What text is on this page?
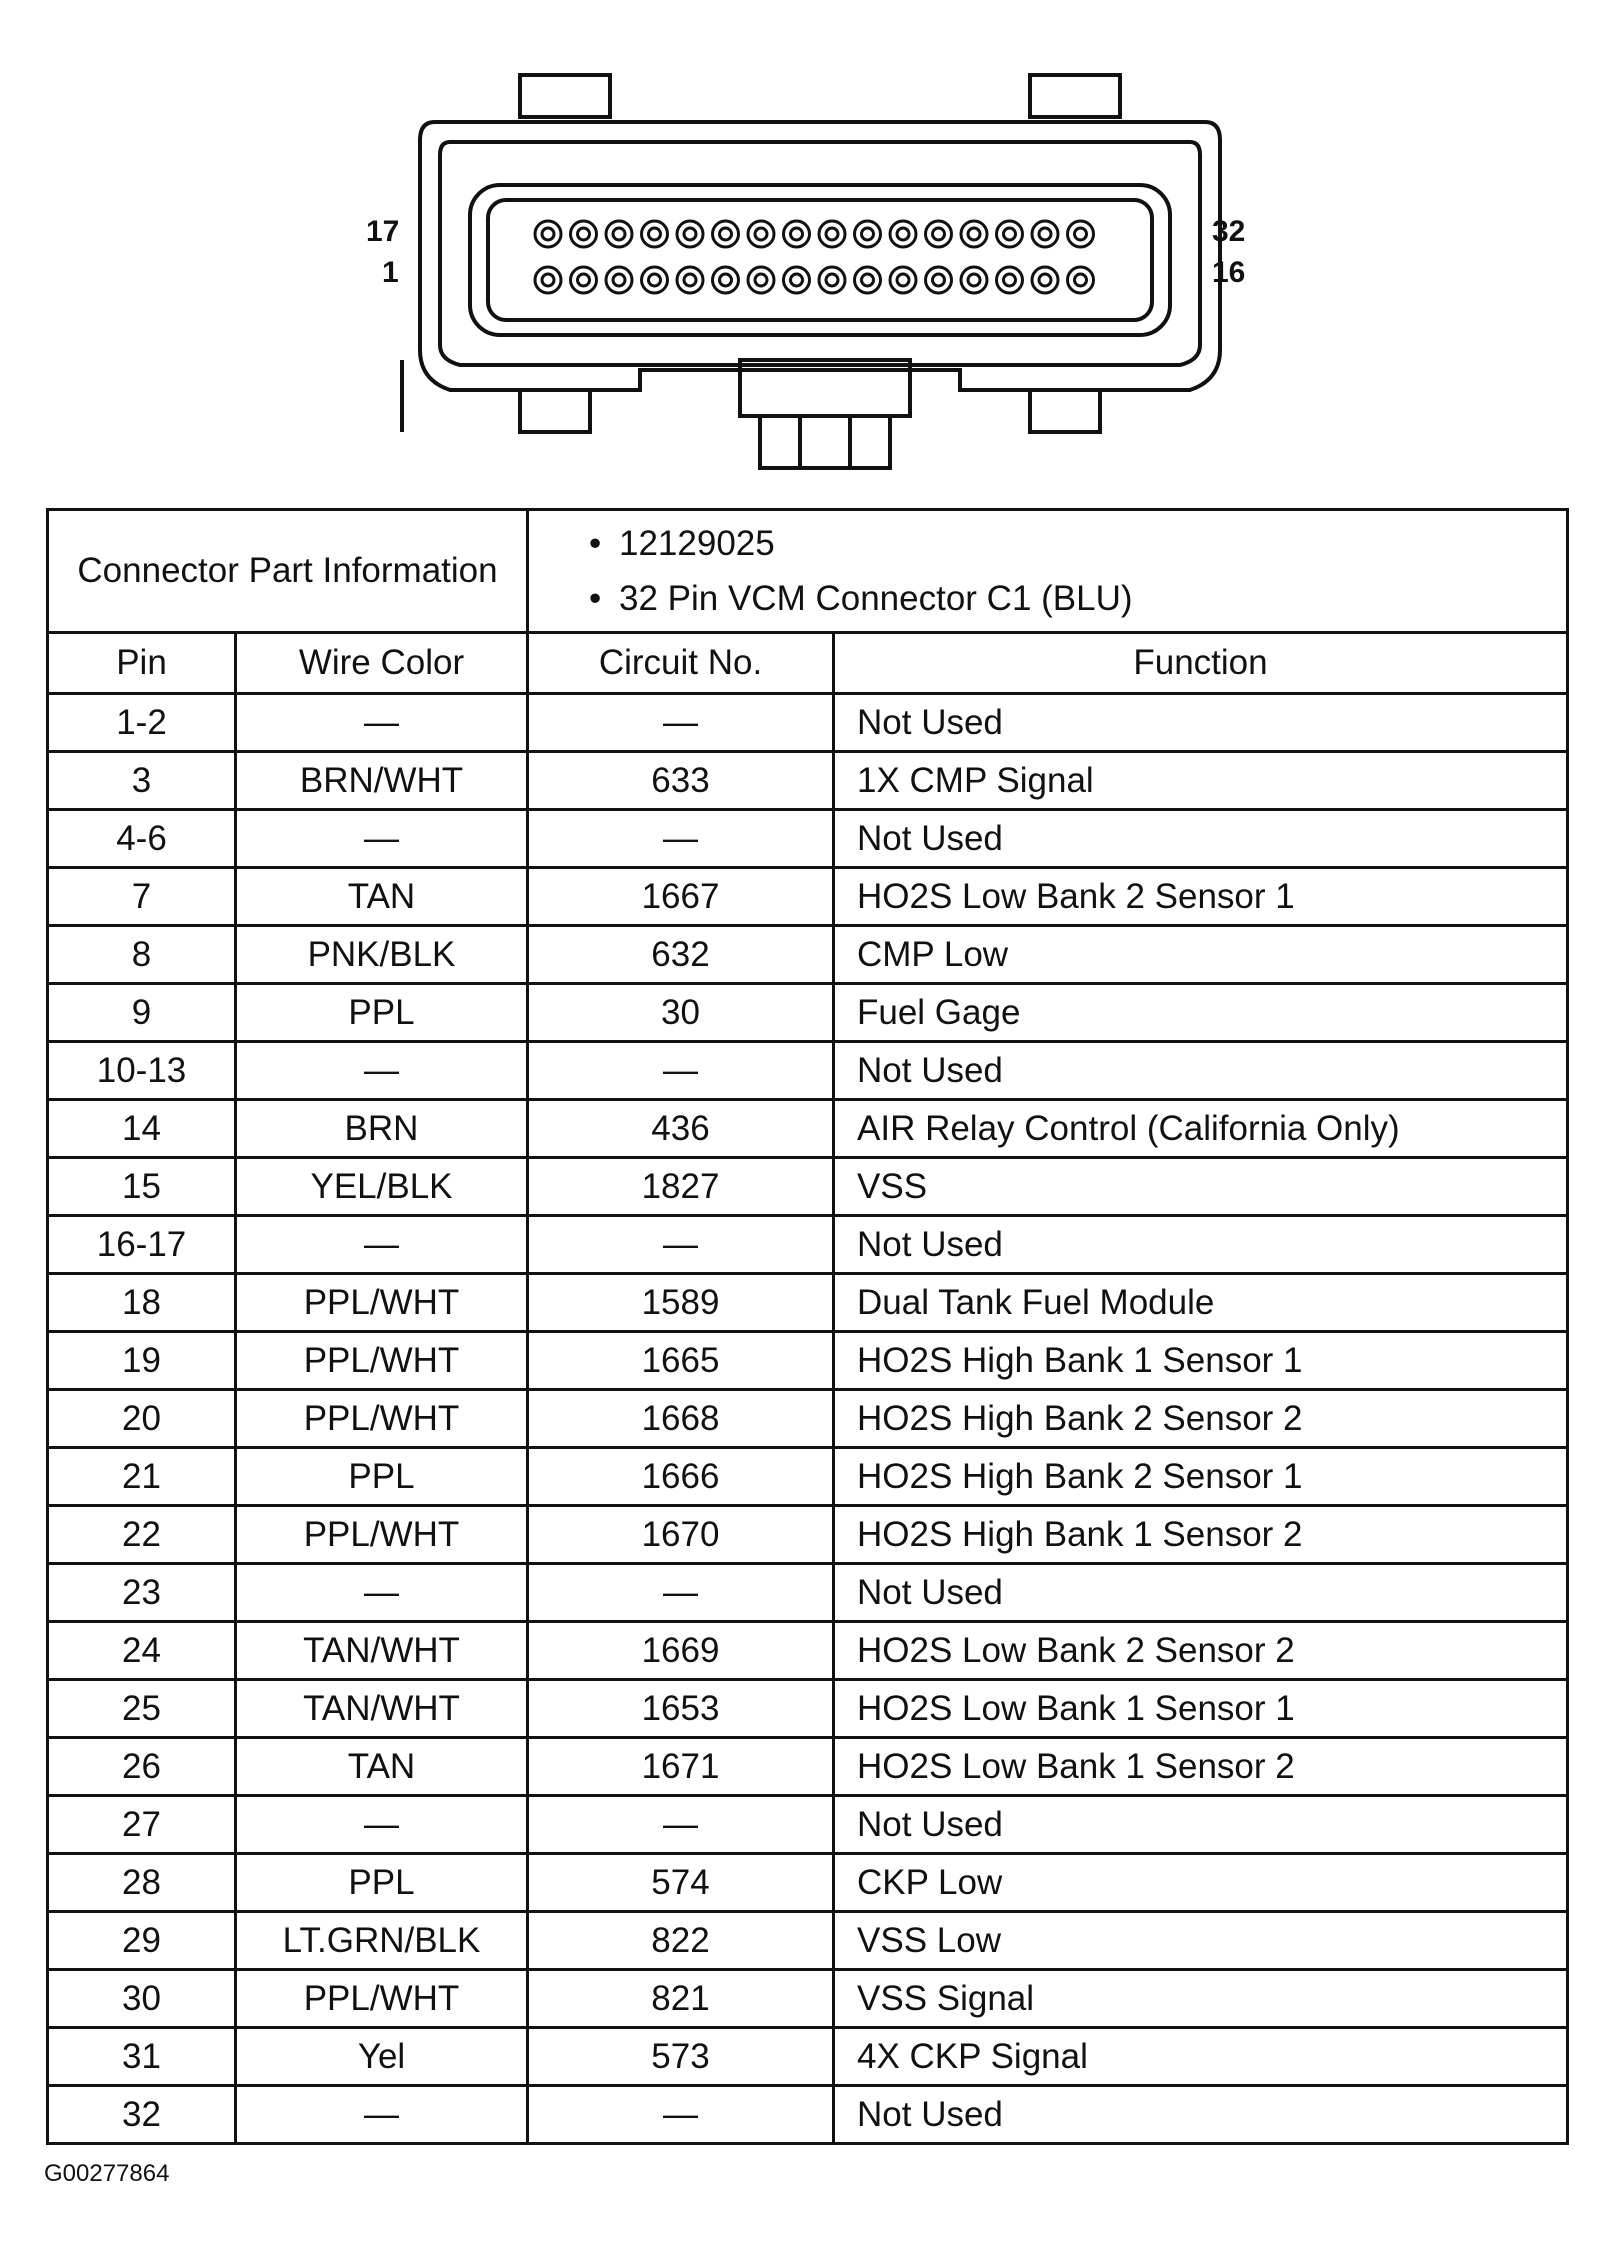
17
1
32
16
Connector Part Information		• 12129025
• 32 Pin VCM Connector C1 (BLU)	

Pin	Wire Color	Circuit No.	Function
1-2	—	—	Not Used
3	BRN/WHT	633	1X CMP Signal
4-6	—	—	Not Used
7	TAN	1667	HO2S Low Bank 2 Sensor 1
8	PNK/BLK	632	CMP Low
9	PPL	30	Fuel Gage
10-13	—	—	Not Used
14	BRN	436	AIR Relay Control (California Only)
15	YEL/BLK	1827	VSS
16-17	—	—	Not Used
18	PPL/WHT	1589	Dual Tank Fuel Module
19	PPL/WHT	1665	HO2S High Bank 1 Sensor 1
20	PPL/WHT	1668	HO2S High Bank 2 Sensor 2
21	PPL	1666	HO2S High Bank 2 Sensor 1
22	PPL/WHT	1670	HO2S High Bank 1 Sensor 2
23	—	—	Not Used
24	TAN/WHT	1669	HO2S Low Bank 2 Sensor 2
25	TAN/WHT	1653	HO2S Low Bank 1 Sensor 1
26	TAN	1671	HO2S Low Bank 1 Sensor 2
27	—	—	Not Used
28	PPL	574	CKP Low
29	LT.GRN/BLK	822	VSS Low
30	PPL/WHT	821	VSS Signal
31	Yel	573	4X CKP Signal
32	—	—	Not Used
G00277864
